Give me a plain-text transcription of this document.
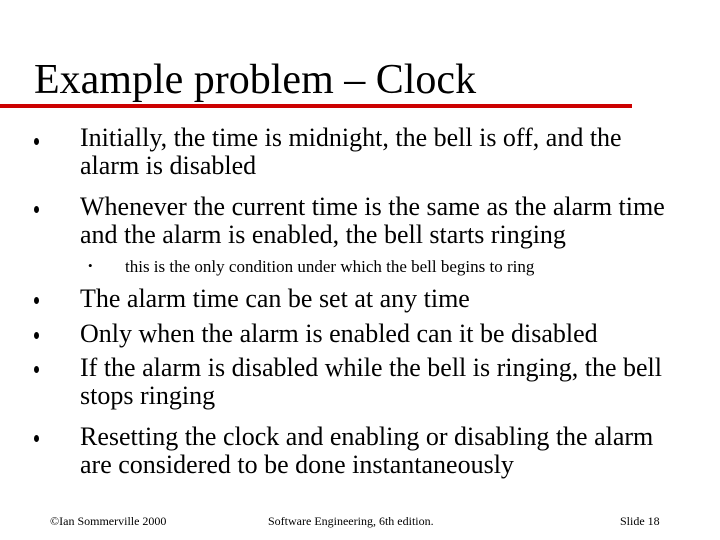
Example problem – Clock
Initially, the time is midnight, the bell is off, and the alarm is disabled
Whenever the current time is the same as the alarm time and the alarm is enabled, the bell starts ringing
• this is the only condition under which the bell begins to ring
The alarm time can be set at any time
Only when the alarm is enabled can it be disabled
If the alarm is disabled while the bell is ringing, the bell stops ringing
Resetting the clock and enabling or disabling the alarm are considered to be done instantaneously
©Ian Sommerville 2000	Software Engineering, 6th edition.	Slide 18
